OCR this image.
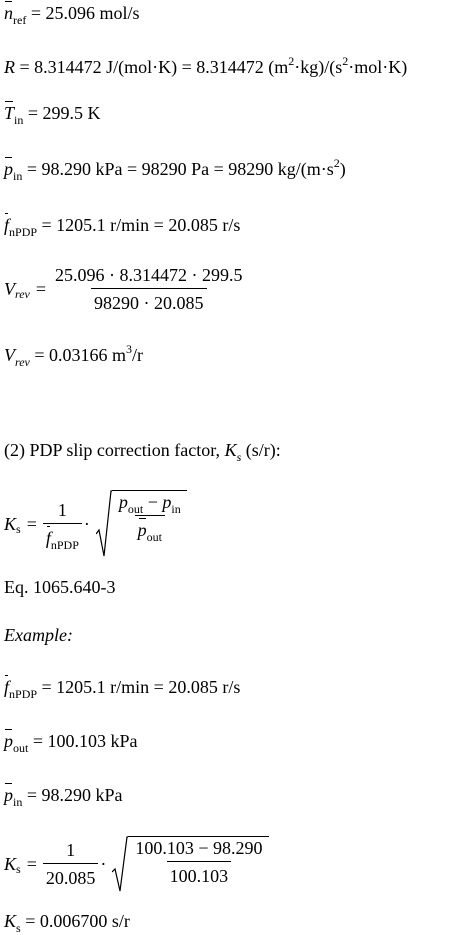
$n_{ref} = 25.096$ mol/s
R = 8.314472 J/(mol·K) = 8.314472 $(m^2\cdot kg)/(s^2\cdot mol\cdot K)$
$T_{in} = 299.5$ K
$p_{in} = 98.290$ kPa = 98290 Pa = 98290 $kg/(m\cdot s^2)$
$f_{nPDP} = 1205.1$ r/min = 20.085 r/s
V rev = $\frac{25.096 \cdot 8.314472 \cdot 299.5}{98290 \cdot 20.085}$
$V_{rev} = 0.03166$ $m^3/r$
(2) PDP slip correction factor, $K_s$ (s/r):
K $s = \frac{1}{f_{nPDP}} \cdot \frac{p_{out} - p_{in}}{p_{out}}$
Eq. 1065.640-3
Example:
$f_{nPDP} = 1205.1$ r/min = 20.085 r/s
$p_{out} = 100.103$ kPa
$p_{in} = 98.290$ kPa
K $s = \frac{1}{20.085} \cdot \frac{100.103 - 98.290}{100.103}$
$K_s = 0.006700$ s/r
